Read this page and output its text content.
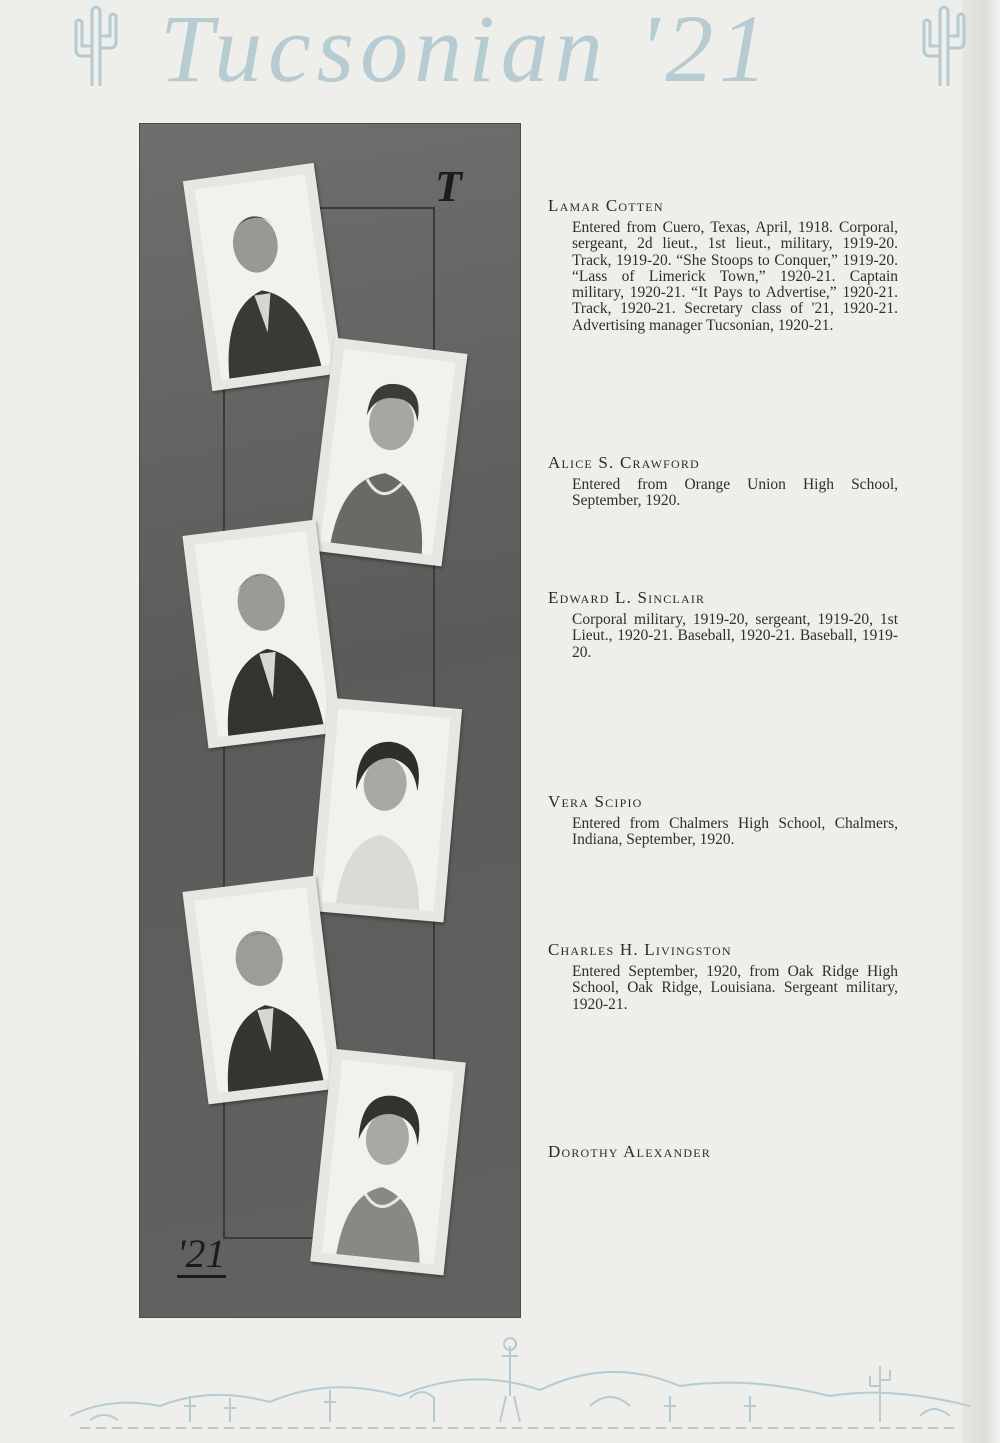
Tucsonian '21
T
'21
Lamar Cotten
Entered from Cuero, Texas, April, 1918. Corporal, sergeant, 2d lieut., 1st lieut., military, 1919-20. Track, 1919-20. “She Stoops to Conquer,” 1919-20. “Lass of Limerick Town,” 1920-21. Captain military, 1920-21. “It Pays to Advertise,” 1920-21. Track, 1920-21. Secretary class of '21, 1920-21. Advertising manager Tucsonian, 1920-21.
Alice S. Crawford
Entered from Orange Union High School, September, 1920.
Edward L. Sinclair
Corporal military, 1919-20, sergeant, 1919-20, 1st Lieut., 1920-21. Baseball, 1920-21. Baseball, 1919-20.
Vera Scipio
Entered from Chalmers High School, Chalmers, Indiana, September, 1920.
Charles H. Livingston
Entered September, 1920, from Oak Ridge High School, Oak Ridge, Louisiana. Sergeant military, 1920-21.
Dorothy Alexander
